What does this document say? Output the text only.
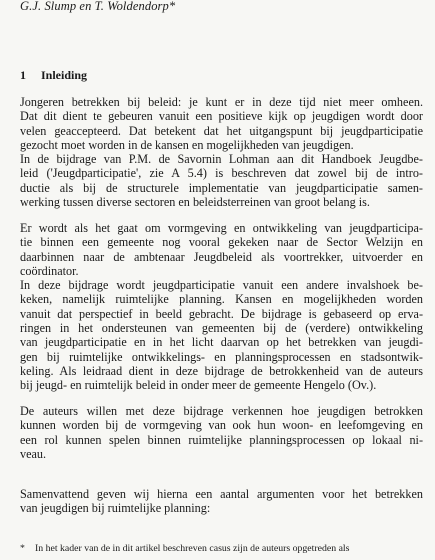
G.J. Slump en T. Woldendorp*
1 Inleiding
Jongeren betrekken bij beleid: je kunt er in deze tijd niet meer omheen.
Dat dit dient te gebeuren vanuit een positieve kijk op jeugdigen wordt door
velen geaccepteerd. Dat betekent dat het uitgangspunt bij jeugdparticipatie
gezocht moet worden in de kansen en mogelijkheden van jeugdigen.
In de bijdrage van P.M. de Savornin Lohman aan dit Handboek Jeugdbe-
leid ('Jeugdparticipatie', zie A 5.4) is beschreven dat zowel bij de intro-
ductie als bij de structurele implementatie van jeugdparticipatie samen-
werking tussen diverse sectoren en beleidsterreinen van groot belang is.
Er wordt als het gaat om vormgeving en ontwikkeling van jeugdparticipa-
tie binnen een gemeente nog vooral gekeken naar de Sector Welzijn en
daarbinnen naar de ambtenaar Jeugdbeleid als voortrekker, uitvoerder en
coördinator.
In deze bijdrage wordt jeugdparticipatie vanuit een andere invalshoek be-
keken, namelijk ruimtelijke planning. Kansen en mogelijkheden worden
vanuit dat perspectief in beeld gebracht. De bijdrage is gebaseerd op erva-
ringen in het ondersteunen van gemeenten bij de (verdere) ontwikkeling
van jeugdparticipatie en in het licht daarvan op het betrekken van jeugdi-
gen bij ruimtelijke ontwikkelings- en planningsprocessen en stadsontwik-
keling. Als leidraad dient in deze bijdrage de betrokkenheid van de auteurs
bij jeugd- en ruimtelijk beleid in onder meer de gemeente Hengelo (Ov.).
De auteurs willen met deze bijdrage verkennen hoe jeugdigen betrokken
kunnen worden bij de vormgeving van ook hun woon- en leefomgeving en
een rol kunnen spelen binnen ruimtelijke planningsprocessen op lokaal ni-
veau.
Samenvattend geven wij hierna een aantal argumenten voor het betrekken
van jeugdigen bij ruimtelijke planning:
* In het kader van de in dit artikel beschreven casus zijn de auteurs opgetreden als
